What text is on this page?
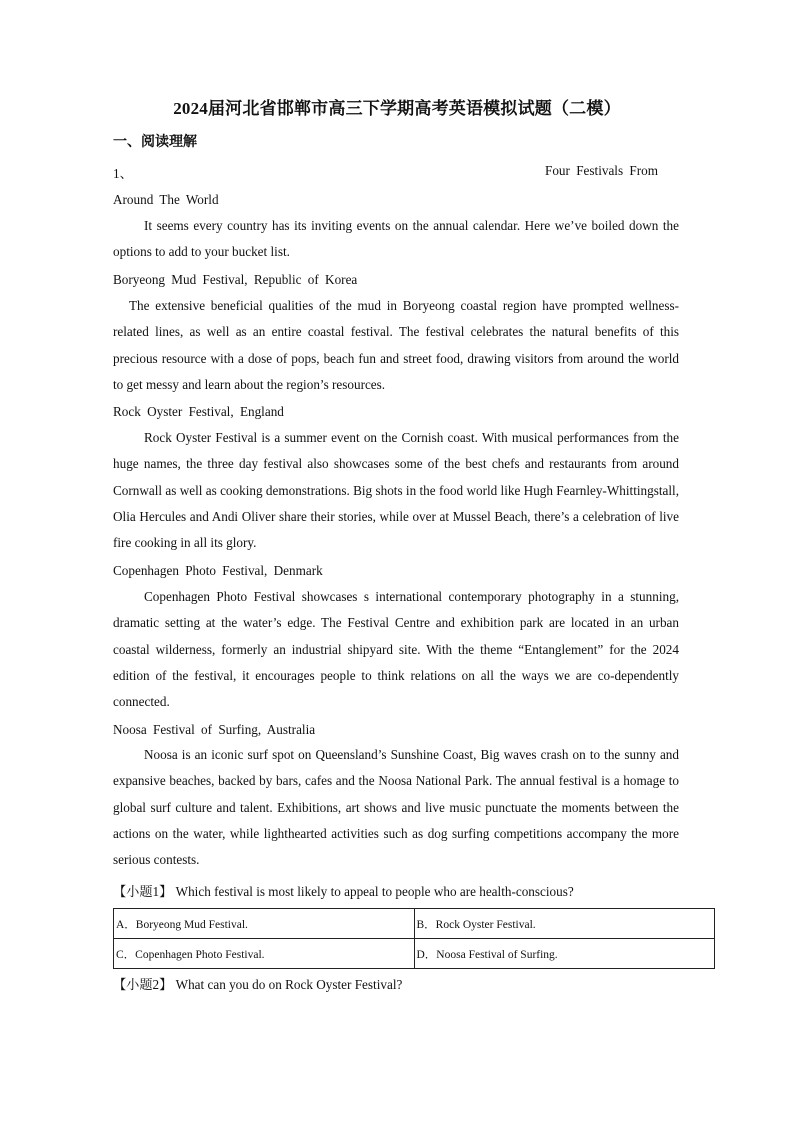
2024届河北省邯郸市高三下学期高考英语模拟试题（二模）
一、阅读理解
1、	Four Festivals From
Around The World
It seems every country has its inviting events on the annual calendar. Here we’ve boiled down the options to add to your bucket list.
Boryeong Mud Festival, Republic of Korea
The extensive beneficial qualities of the mud in Boryeong coastal region have prompted wellness-related lines, as well as an entire coastal festival. The festival celebrates the natural benefits of this precious resource with a dose of pops, beach fun and street food, drawing visitors from around the world to get messy and learn about the region’s resources.
Rock Oyster Festival, England
Rock Oyster Festival is a summer event on the Cornish coast. With musical performances from the huge names, the three day festival also showcases some of the best chefs and restaurants from around Cornwall as well as cooking demonstrations. Big shots in the food world like Hugh Fearnley-Whittingstall, Olia Hercules and Andi Oliver share their stories, while over at Mussel Beach, there’s a celebration of live fire cooking in all its glory.
Copenhagen Photo Festival, Denmark
Copenhagen Photo Festival showcases s international contemporary photography in a stunning, dramatic setting at the water’s edge. The Festival Centre and exhibition park are located in an urban coastal wilderness, formerly an industrial shipyard site. With the theme “Entanglement” for the 2024 edition of the festival, it encourages people to think relations on all the ways we are co-dependently connected.
Noosa Festival of Surfing, Australia
Noosa is an iconic surf spot on Queensland’s Sunshine Coast, Big waves crash on to the sunny and expansive beaches, backed by bars, cafes and the Noosa National Park. The annual festival is a homage to global surf culture and talent. Exhibitions, art shows and live music punctuate the moments between the actions on the water, while lighthearted activities such as dog surfing competitions accompany the more serious contests.
【小题1】 Which festival is most likely to appeal to people who are health-conscious?
A．Boryeong Mud Festival.	B．Rock Oyster Festival.
C．Copenhagen Photo Festival.	D．Noosa Festival of Surfing.
【小题2】 What can you do on Rock Oyster Festival?
